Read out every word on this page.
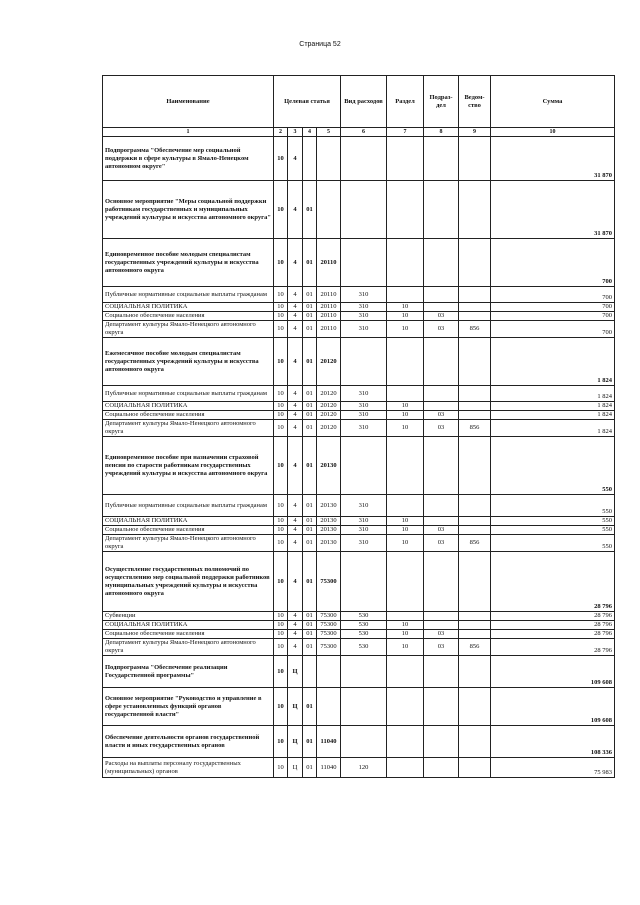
Страница 52
Наименование	Целевая статья				Вид расходов	Раздел	Подраз-дел	Ведом-ство	Сумма
1	2	3	4	5	6	7	8	9	10
Подпрограмма "Обеспечение мер социальной поддержки в сфере культуры в Ямало-Ненецком автономном округе"	10	4							31 870
Основное мероприятие "Меры социальной поддержки работникам государственных и муниципальных учреждений культуры и искусства автономного округа"	10	4	01						31 870
Единовременное пособие молодым специалистам государственных учреждений культуры и искусства автономного округа	10	4	01	20110					700
Публичные нормативные социальные выплаты гражданам	10	4	01	20110	310				700
СОЦИАЛЬНАЯ ПОЛИТИКА	10	4	01	20110	310	10			700
Социальное обеспечение населения	10	4	01	20110	310	10	03		700
Департамент культуры Ямало-Ненецкого автономного округа	10	4	01	20110	310	10	03	856	700
Ежемесячное пособие молодым специалистам государственных учреждений культуры и искусства автономного округа	10	4	01	20120					1 824
Публичные нормативные социальные выплаты гражданам	10	4	01	20120	310				1 824
СОЦИАЛЬНАЯ ПОЛИТИКА	10	4	01	20120	310	10			1 824
Социальное обеспечение населения	10	4	01	20120	310	10	03		1 824
Департамент культуры Ямало-Ненецкого автономного округа	10	4	01	20120	310	10	03	856	1 824
Единовременное пособие при назначении страховой пенсии по старости работникам государственных учреждений культуры и искусства автономного округа	10	4	01	20130					550
Публичные нормативные социальные выплаты гражданам	10	4	01	20130	310				550
СОЦИАЛЬНАЯ ПОЛИТИКА	10	4	01	20130	310	10			550
Социальное обеспечение населения	10	4	01	20130	310	10	03		550
Департамент культуры Ямало-Ненецкого автономного округа	10	4	01	20130	310	10	03	856	550
Осуществление государственных полномочий по осуществлению мер социальной поддержки работников муниципальных учреждений культуры и искусства автономного округа	10	4	01	75300					28 796
Субвенции	10	4	01	75300	530				28 796
СОЦИАЛЬНАЯ ПОЛИТИКА	10	4	01	75300	530	10			28 796
Социальное обеспечение населения	10	4	01	75300	530	10	03		28 796
Департамент культуры Ямало-Ненецкого автономного округа	10	4	01	75300	530	10	03	856	28 796
Подпрограмма "Обеспечение реализации Государственной программы"	10	Ц							109 608
Основное мероприятие "Руководство и управление в сфере установленных функций органов государственной власти"	10	Ц	01						109 608
Обеспечение деятельности органов государственной власти и иных государственных органов	10	Ц	01	11040					108 336
Расходы на выплаты персоналу государственных (муниципальных) органов	10	Ц	01	11040	120				75 983
